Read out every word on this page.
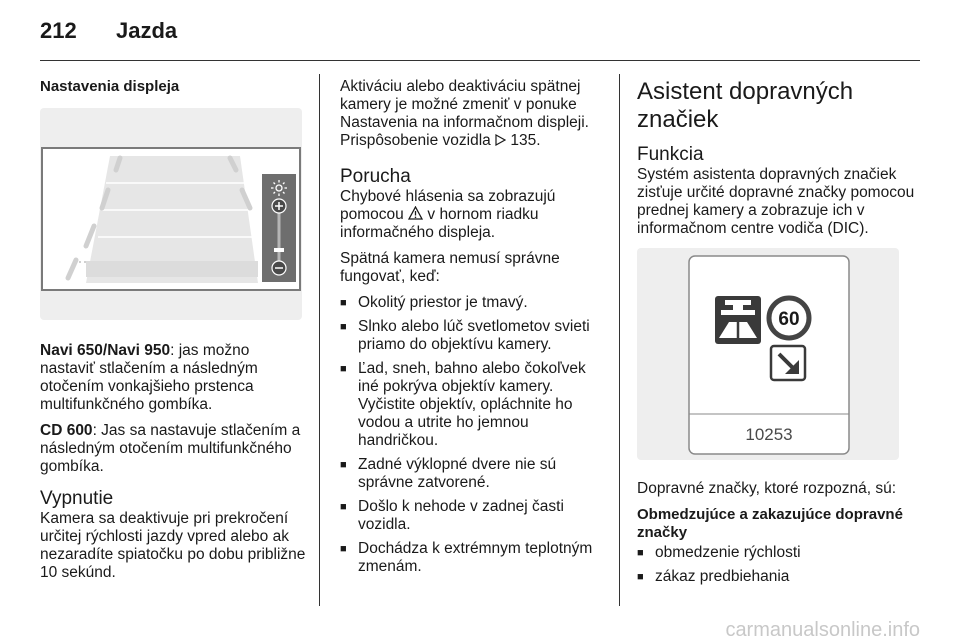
212 Jazda
Nastavenia displeja

Navi 650/Navi 950: jas možno nastaviť stlačením a následným otočením vonkajšieho prstenca multifunkčného gombíka.

CD 600: Jas sa nastavuje stlačením a následným otočením multifunkčného gombíka.

Vypnutie

Kamera sa deaktivuje pri prekročení určitej rýchlosti jazdy vpred alebo ak nezaradíte spiatočku po dobu približne 10 sekúnd.

Aktiváciu alebo deaktiváciu spätnej kamery je možné zmeniť v ponuke Nastavenia na informačnom displeji. Prispôsobenie vozidla  135.

Porucha

Chybové hlásenia sa zobrazujú pomocou  v hornom riadku informačného displeja.

Spätná kamera nemusí správne fungovať, keď:

■ Okolitý priestor je tmavý.
■ Slnko alebo lúč svetlometov svieti priamo do objektívu kamery.
■ Ľad, sneh, bahno alebo čokoľvek iné pokrýva objektív kamery. Vyčistite objektív, opláchnite ho vodou a utrite ho jemnou handričkou.
■ Zadné výklopné dvere nie sú správne zatvorené.
■ Došlo k nehode v zadnej časti vozidla.
■ Dochádza k extrémnym teplotným zmenám.
Asistent dopravných značiek
Funkcia

Systém asistenta dopravných značiek zisťuje určité dopravné značky pomocou prednej kamery a zobrazuje ich v informačnom centre vodiča (DIC).

60
10253

Dopravné značky, ktoré rozpozná, sú:

Obmedzujúce a zakazujúce dopravné značky
■ obmedzenie rýchlosti
■ zákaz predbiehania
carmanualsonline.info
